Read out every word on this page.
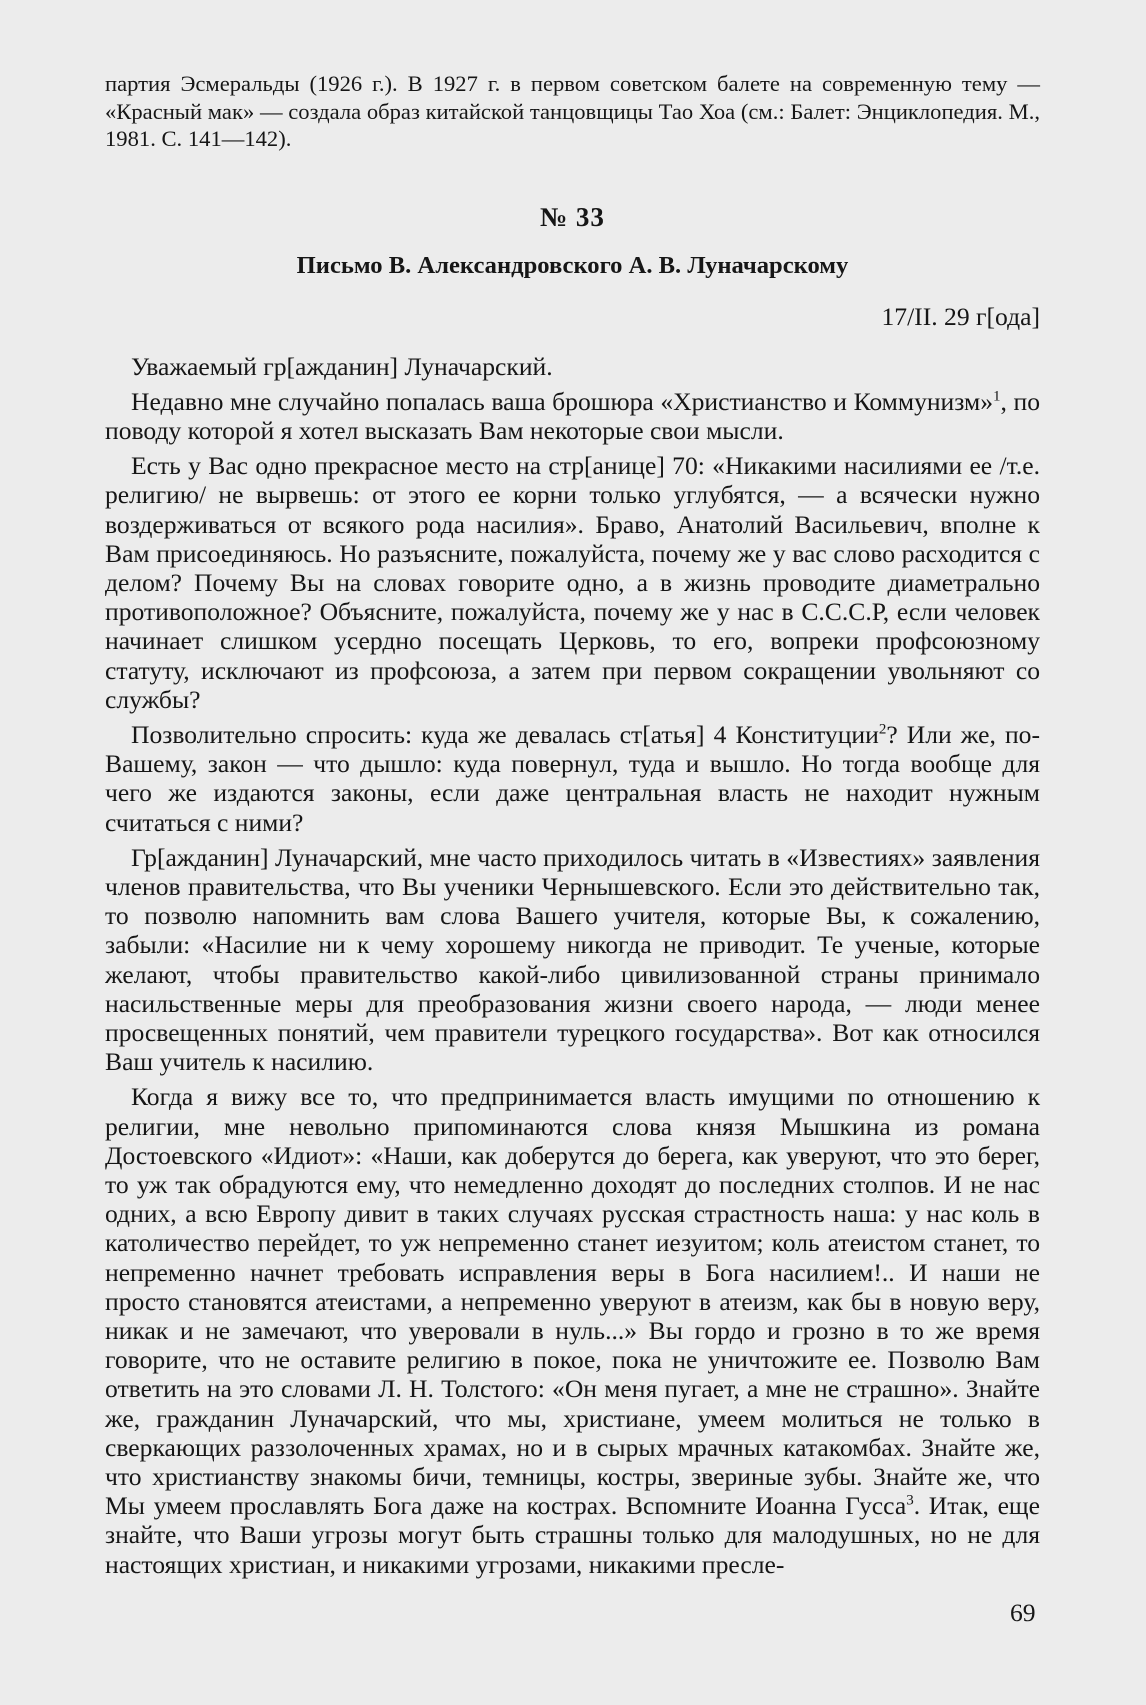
партия Эсмеральды (1926 г.). В 1927 г. в первом советском балете на современную тему — «Красный мак» — создала образ китайской танцовщицы Тао Хоа (см.: Балет: Энциклопедия. М., 1981. С. 141—142).

№ 33
Письмо В. Александровского А. В. Луначарскому
17/II. 29 г[ода]

Уважаемый гр[ажданин] Луначарский.

Недавно мне случайно попалась ваша брошюра «Христианство и Коммунизм»$^1$, по поводу которой я хотел высказать Вам некоторые свои мысли.

Есть у Вас одно прекрасное место на стр[анице] 70: «Никакими насилиями ее /т.е. религию/ не вырвешь: от этого ее корни только углубятся, — а всячески нужно воздерживаться от всякого рода насилия». Браво, Анатолий Васильевич, вполне к Вам присоединяюсь. Но разъясните, пожалуйста, почему же у вас слово расходится с делом? Почему Вы на словах говорите одно, а в жизнь проводите диаметрально противоположное? Объясните, пожалуйста, почему же у нас в С.С.С.Р, если человек начинает слишком усердно посещать Церковь, то его, вопреки профсоюзному статуту, исключают из профсоюза, а затем при первом сокращении увольняют со службы?

Позволительно спросить: куда же девалась ст[атья] 4 Конституции$^2$? Или же, по-Вашему, закон — что дышло: куда повернул, туда и вышло. Но тогда вообще для чего же издаются законы, если даже центральная власть не находит нужным считаться с ними?

Гр[ажданин] Луначарский, мне часто приходилось читать в «Известиях» заявления членов правительства, что Вы ученики Чернышевского. Если это действительно так, то позволю напомнить вам слова Вашего учителя, которые Вы, к сожалению, забыли: «Насилие ни к чему хорошему никогда не приводит. Те ученые, которые желают, чтобы правительство какой-либо цивилизованной страны принимало насильственные меры для преобразования жизни своего народа, — люди менее просвещенных понятий, чем правители турецкого государства». Вот как относился Ваш учитель к насилию.

Когда я вижу все то, что предпринимается власть имущими по отношению к религии, мне невольно припоминаются слова князя Мышкина из романа Достоевского «Идиот»: «Наши, как доберутся до берега, как уверуют, что это берег, то уж так обрадуются ему, что немедленно доходят до последних столпов. И не нас одних, а всю Европу дивит в таких случаях русская страстность наша: у нас коль в католичество перейдет, то уж непременно станет иезуитом; коль атеистом станет, то непременно начнет требовать исправления веры в Бога насилием!.. И наши не просто становятся атеистами, а непременно уверуют в атеизм, как бы в новую веру, никак и не замечают, что уверовали в нуль...» Вы гордо и грозно в то же время говорите, что не оставите религию в покое, пока не уничтожите ее. Позволю Вам ответить на это словами Л. Н. Толстого: «Он меня пугает, а мне не страшно». Знайте же, гражданин Луначарский, что мы, христиане, умеем молиться не только в сверкающих раззолоченных храмах, но и в сырых мрачных катакомбах. Знайте же, что христианству знакомы бичи, темницы, костры, звериные зубы. Знайте же, что Мы умеем прославлять Бога даже на кострах. Вспомните Иоанна Гусса$^3$. Итак, еще знайте, что Ваши угрозы могут быть страшны только для малодушных, но не для настоящих христиан, и никакими угрозами, никакими пресле-

69
